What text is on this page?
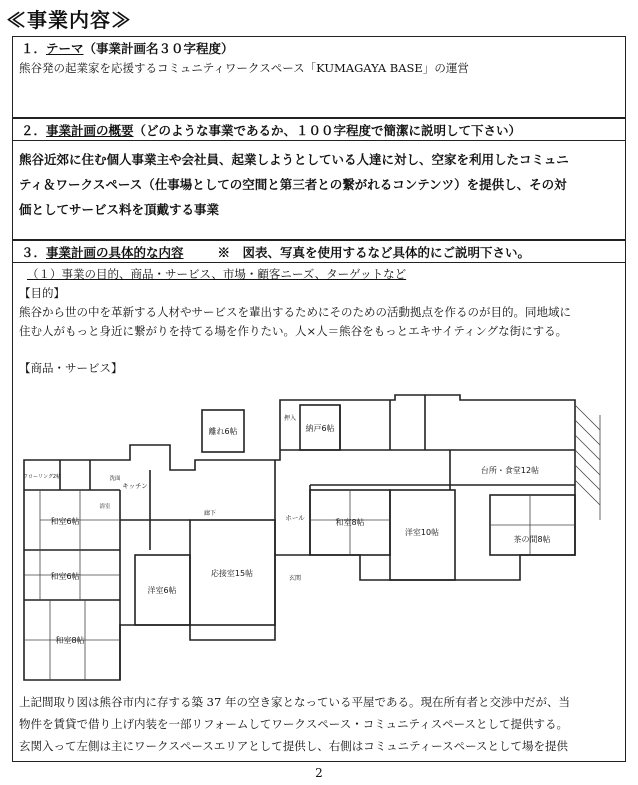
≪事業内容≫
１．テーマ（事業計画名３０字程度）
熊谷発の起業家を応援するコミュニティワークスペース「KUMAGAYA BASE」の運営
２．事業計画の概要（どのような事業であるか、１００字程度で簡潔に説明して下さい）
熊谷近郊に住む個人事業主や会社員、起業しようとしている人達に対し、空家を利用したコミュニ
ティ＆ワークスペース（仕事場としての空間と第三者との繋がれるコンテンツ）を提供し、その対
価としてサービス料を頂戴する事業
３．事業計画の具体的な内容	※　図表、写真を使用するなど具体的にご説明下さい。
（１）事業の目的、商品・サービス、市場・顧客ニーズ、ターゲットなど
【目的】
熊谷から世の中を革新する人材やサービスを輩出するためにそのための活動拠点を作るのが目的。同地域に
住む人がもっと身近に繋がりを持てる場を作りたい。人×人＝熊谷をもっとエキサイティングな街にする。
【商品・サービス】
離れ6帖	納戸6帖
台所・食堂12帖
和室6帖
和室6帖
和室8帖
和室8帖
洋室10帖
茶の間8帖
応接室15帖
洋室6帖
キッチン
ホール
廊下
押入
玄関
洗面
浴室
フローリング2帖
上記間取り図は熊谷市内に存する築 37 年の空き家となっている平屋である。現在所有者と交渉中だが、当
物件を賃貸で借り上げ内装を一部リフォームしてワークスペース・コミュニティスペースとして提供する。
玄関入って左側は主にワークスペースエリアとして提供し、右側はコミュニティースペースとして場を提供
2
